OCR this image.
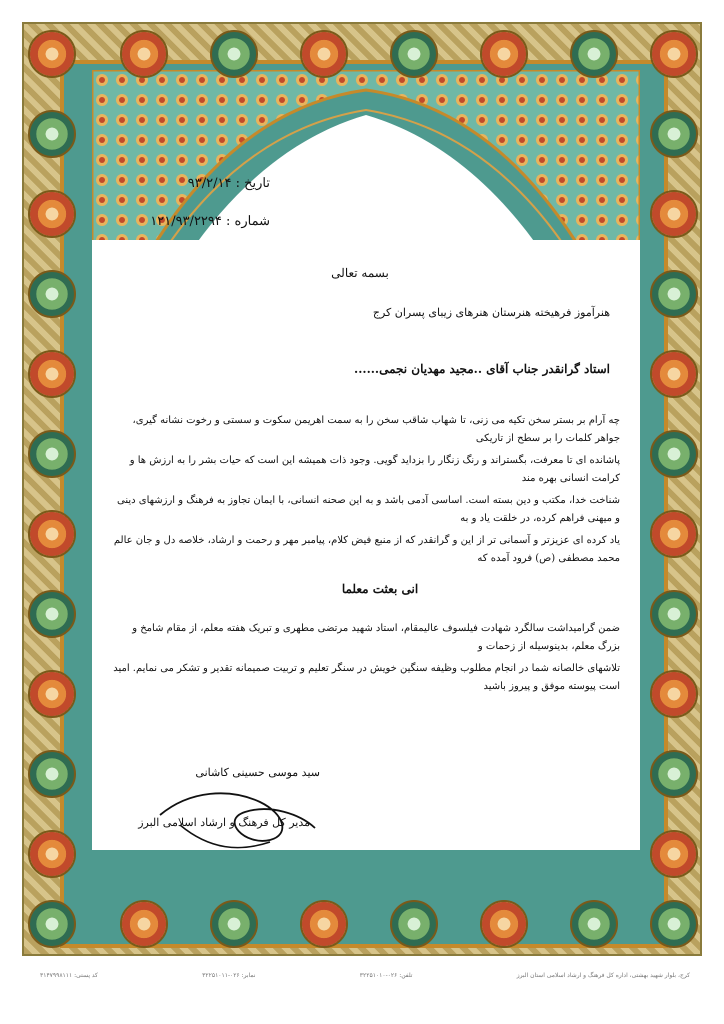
تاریخ : ۹۳/۲/۱۴
شماره : ۱۲۱/۹۳/۲۲۹۴
بسمه تعالی
هنرآموز فرهیخته هنرستان هنرهای زیبای پسران کرج
استاد گرانقدر جناب آقای ..مجید مهدیان نجمی......
چه آرام بر بستر سخن تکیه می زنی، تا شهاب شاقب سخن را به سمت اهریمن سکوت و سستی و رخوت نشانه گیری، جواهر کلمات را بر سطح از تاریکی
پاشانده ای تا معرفت، بگستراند و رنگ زنگار را بزداید گویی. وجود ذات همیشه این است که حیات بشر را به ارزش ها و کرامت انسانی بهره مند
شناخت خدا، مکتب و دین بسته است. اساسی آدمی باشد و به این صحنه انسانی، با ایمان تجاوز به فرهنگ و ارزشهای دینی و میهنی فراهم کرده، در خلقت یاد و به
یاد کرده ای عزیزتر و آسمانی تر از این و گرانقدر که از منبع فیض کلام، پیامبر مهر و رحمت و ارشاد، خلاصه دل و جان عالم محمد مصطفی (ص) فرود آمده که
انی بعثت معلما
ضمن گرامیداشت سالگرد شهادت فیلسوف عالیمقام، استاد شهید مرتضی مطهری و تبریک هفته معلم، از مقام شامخ و بزرگ معلم، بدینوسیله از زحمات و
تلاشهای خالصانه شما در انجام مطلوب وظیفه سنگین خویش در سنگر تعلیم و تربیت صمیمانه تقدیر و تشکر می نمایم. امید است پیوسته موفق و پیروز باشید
سید موسی حسینی کاشانی
مدیر کل فرهنگ و ارشاد اسلامی البرز
کرج، بلوار شهید بهشتی، اداره کل فرهنگ و ارشاد اسلامی استان البرز
تلفن: ۰۲۶-۳۲۲۵۱۰۱۰
نمابر: ۰۲۶-۳۲۲۵۱۰۱۱
کد پستی: ۳۱۴۷۹۹۸۱۱۱
